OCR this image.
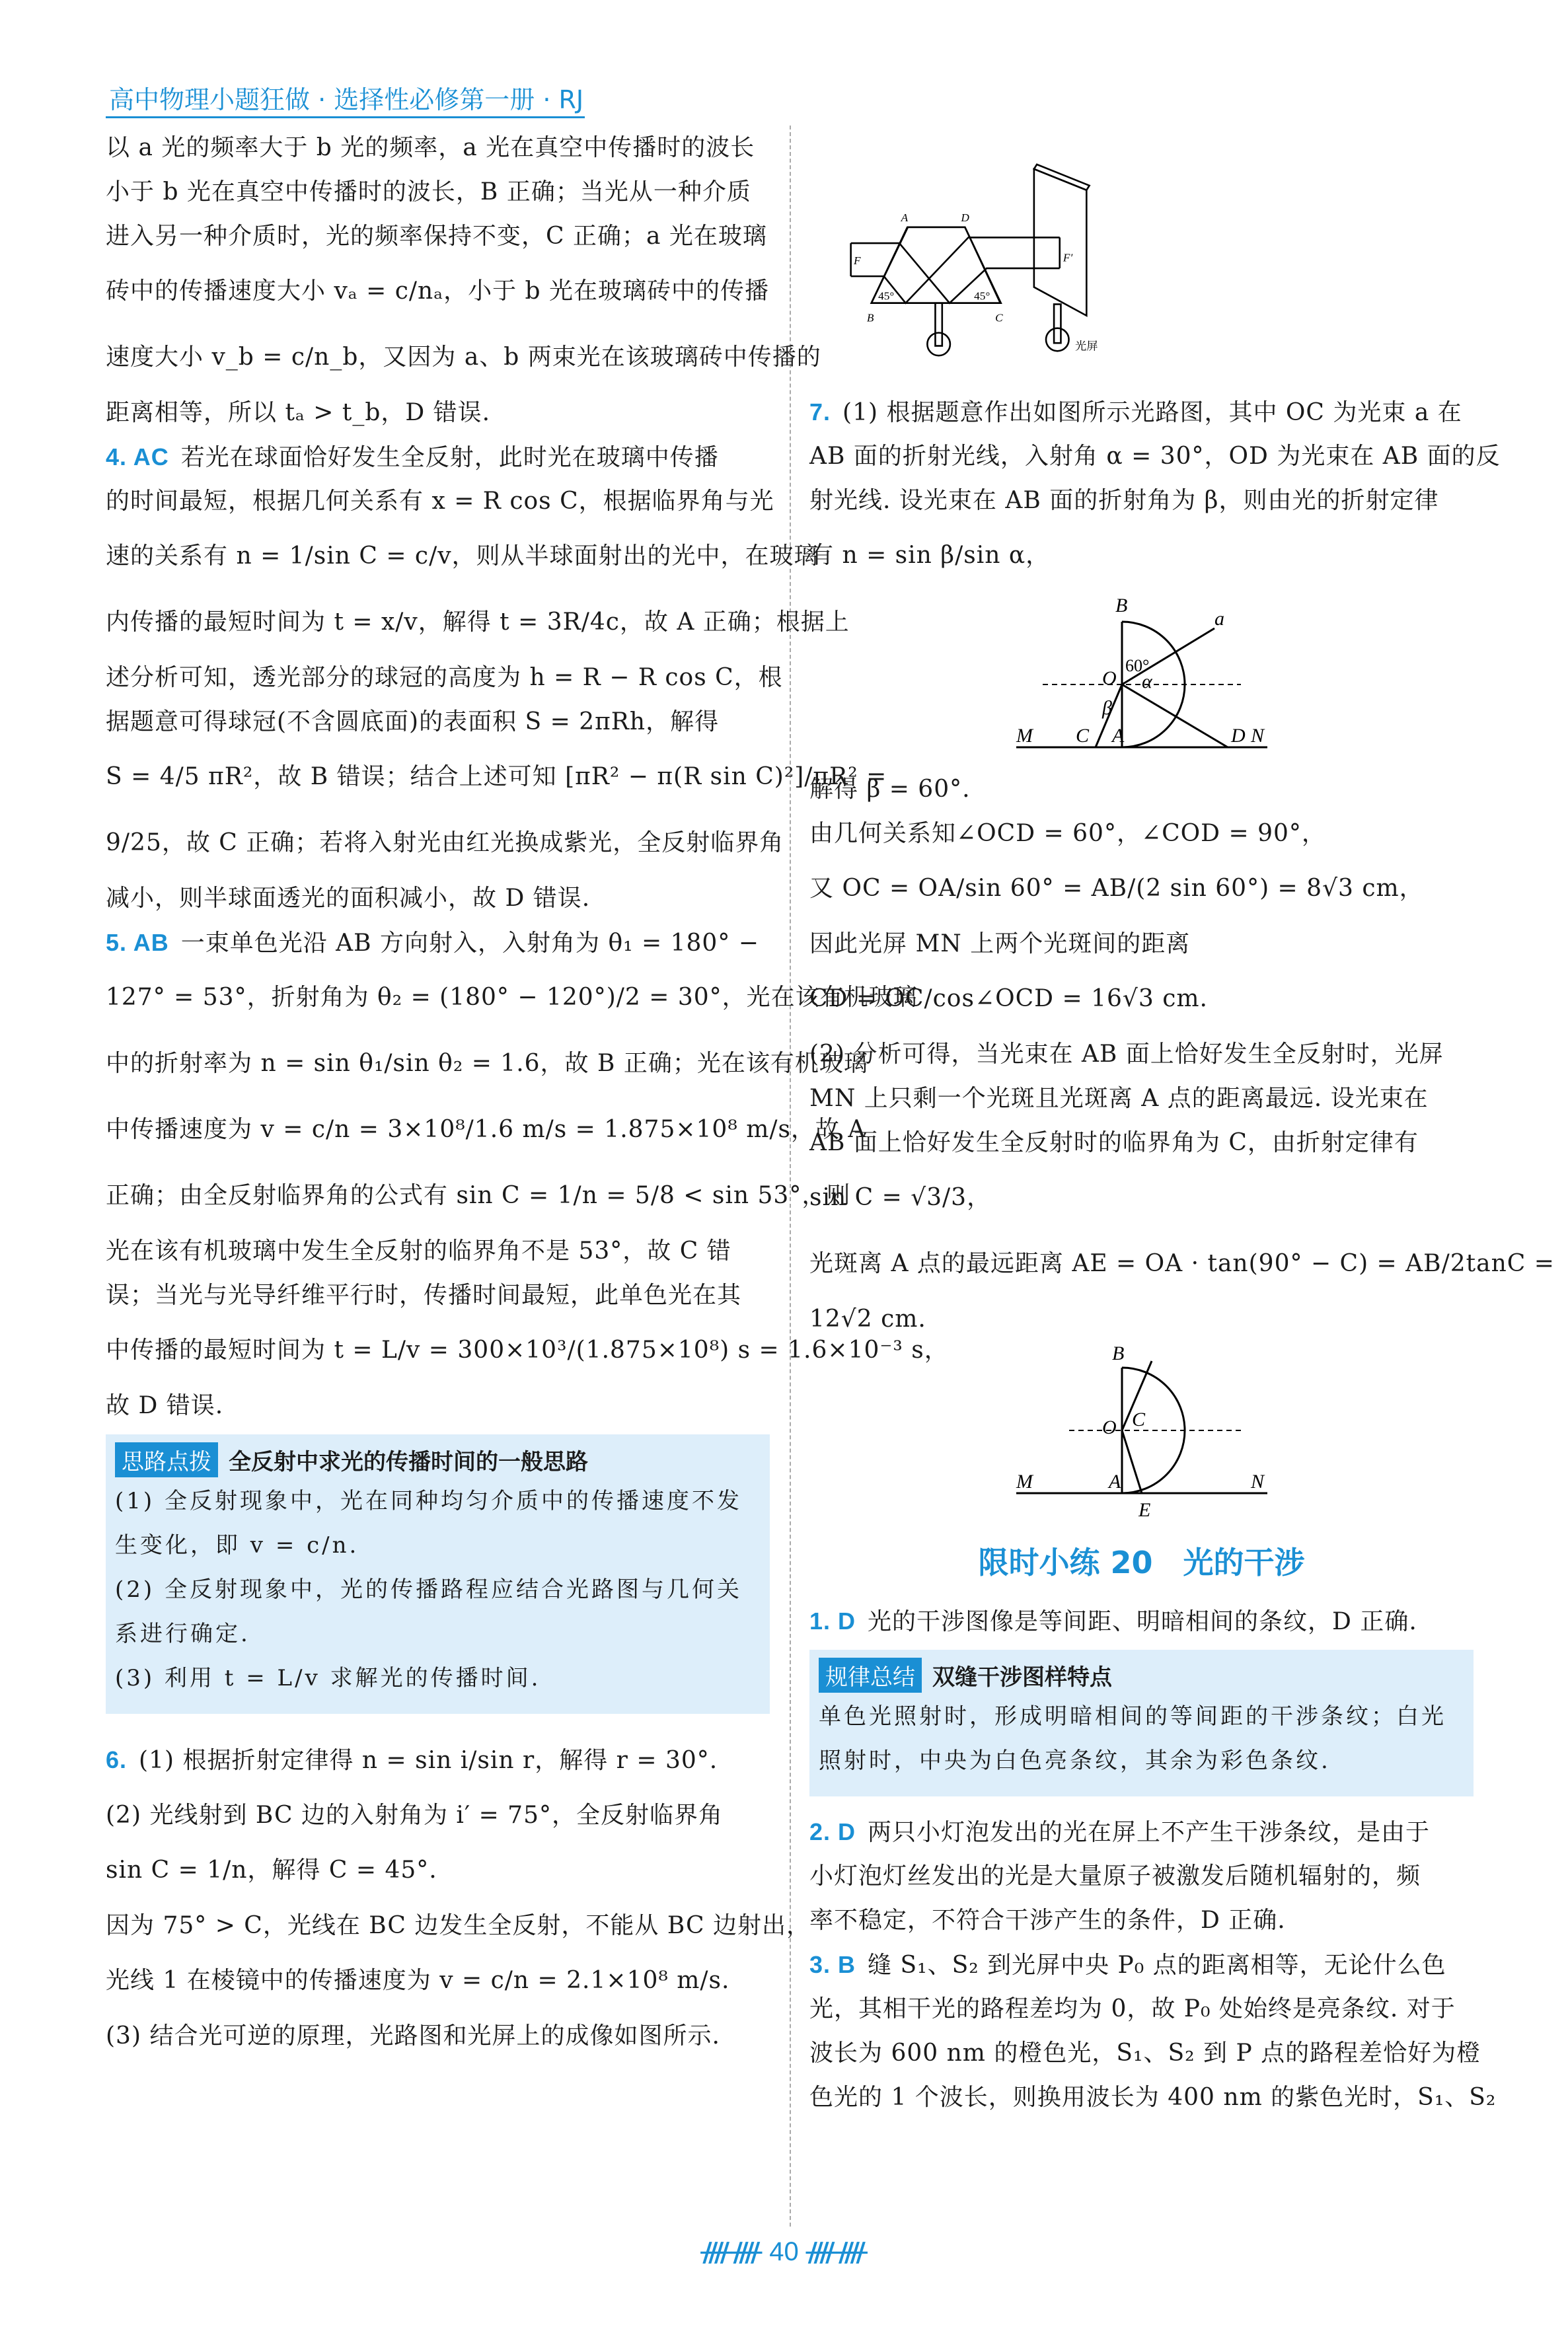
高中物理小题狂做 · 选择性必修第一册 · RJ
以 a 光的频率大于 b 光的频率，a 光在真空中传播时的波长
小于 b 光在真空中传播时的波长，B 正确；当光从一种介质
进入另一种介质时，光的频率保持不变，C 正确；a 光在玻璃
砖中的传播速度大小 vₐ = c/nₐ，小于 b 光在玻璃砖中的传播
速度大小 v_b = c/n_b，又因为 a、b 两束光在该玻璃砖中传播的
距离相等，所以 tₐ > t_b，D 错误.
4. AC 若光在球面恰好发生全反射，此时光在玻璃中传播
的时间最短，根据几何关系有 x = R cos C，根据临界角与光
速的关系有 n = 1/sin C = c/v，则从半球面射出的光中，在玻璃
内传播的最短时间为 t = x/v，解得 t = 3R/4c，故 A 正确；根据上
述分析可知，透光部分的球冠的高度为 h = R − R cos C，根
据题意可得球冠(不含圆底面)的表面积 S = 2πRh，解得
S = 4/5 πR²，故 B 错误；结合上述可知 [πR² − π(R sin C)²]/πR² =
9/25，故 C 正确；若将入射光由红光换成紫光，全反射临界角
减小，则半球面透光的面积减小，故 D 错误.
5. AB 一束单色光沿 AB 方向射入，入射角为 θ₁ = 180° −
127° = 53°，折射角为 θ₂ = (180° − 120°)/2 = 30°，光在该有机玻璃
中的折射率为 n = sin θ₁/sin θ₂ = 1.6，故 B 正确；光在该有机玻璃
中传播速度为 v = c/n = 3×10⁸/1.6 m/s = 1.875×10⁸ m/s，故 A
正确；由全反射临界角的公式有 sin C = 1/n = 5/8 < sin 53°，则
光在该有机玻璃中发生全反射的临界角不是 53°，故 C 错
误；当光与光导纤维平行时，传播时间最短，此单色光在其
中传播的最短时间为 t = L/v = 300×10³/(1.875×10⁸) s = 1.6×10⁻³ s，
故 D 错误.
思路点拨 全反射中求光的传播时间的一般思路
(1) 全反射现象中，光在同种均匀介质中的传播速度不发
生变化，即 v = c/n.
(2) 全反射现象中，光的传播路程应结合光路图与几何关
系进行确定.
(3) 利用 t = L/v 求解光的传播时间.
6. (1) 根据折射定律得 n = sin i/sin r，解得 r = 30°.
(2) 光线射到 BC 边的入射角为 i′ = 75°，全反射临界角
sin C = 1/n，解得 C = 45°.
因为 75° > C，光线在 BC 边发生全反射，不能从 BC 边射出，
光线 1 在棱镜中的传播速度为 v = c/n = 2.1×10⁸ m/s.
(3) 结合光可逆的原理，光路图和光屏上的成像如图所示.
A	D
F	F′
B	C
45°	45°
光屏
7. (1) 根据题意作出如图所示光路图，其中 OC 为光束 a 在
AB 面的折射光线，入射角 α = 30°，OD 为光束在 AB 面的反
射光线. 设光束在 AB 面的折射角为 β，则由光的折射定律
有 n = sin β/sin α，
B
a
60°
α
O
β
M C A	D N
解得 β = 60°.
由几何关系知∠OCD = 60°，∠COD = 90°，
又 OC = OA/sin 60° = AB/(2 sin 60°) = 8√3 cm，
因此光屏 MN 上两个光斑间的距离
CD = OC/cos∠OCD = 16√3 cm.
(2) 分析可得，当光束在 AB 面上恰好发生全反射时，光屏
MN 上只剩一个光斑且光斑离 A 点的距离最远. 设光束在
AB 面上恰好发生全反射时的临界角为 C，由折射定律有
sin C = √3/3，
光斑离 A 点的最远距离 AE = OA · tan(90° − C) = AB/2tanC =
12√2 cm.
B
O C
M	A	N
E
限时小练 20　光的干涉
1. D 光的干涉图像是等间距、明暗相间的条纹，D 正确.
规律总结 双缝干涉图样特点
单色光照射时，形成明暗相间的等间距的干涉条纹；白光
照射时，中央为白色亮条纹，其余为彩色条纹.
2. D 两只小灯泡发出的光在屏上不产生干涉条纹，是由于
小灯泡灯丝发出的光是大量原子被激发后随机辐射的，频
率不稳定，不符合干涉产生的条件，D 正确.
3. B 缝 S₁、S₂ 到光屏中央 P₀ 点的距离相等，无论什么色
光，其相干光的路程差均为 0，故 P₀ 处始终是亮条纹. 对于
波长为 600 nm 的橙色光，S₁、S₂ 到 P 点的路程差恰好为橙
色光的 1 个波长，则换用波长为 400 nm 的紫色光时，S₁、S₂
ᚎᚎ 40 ᚎᚎ
